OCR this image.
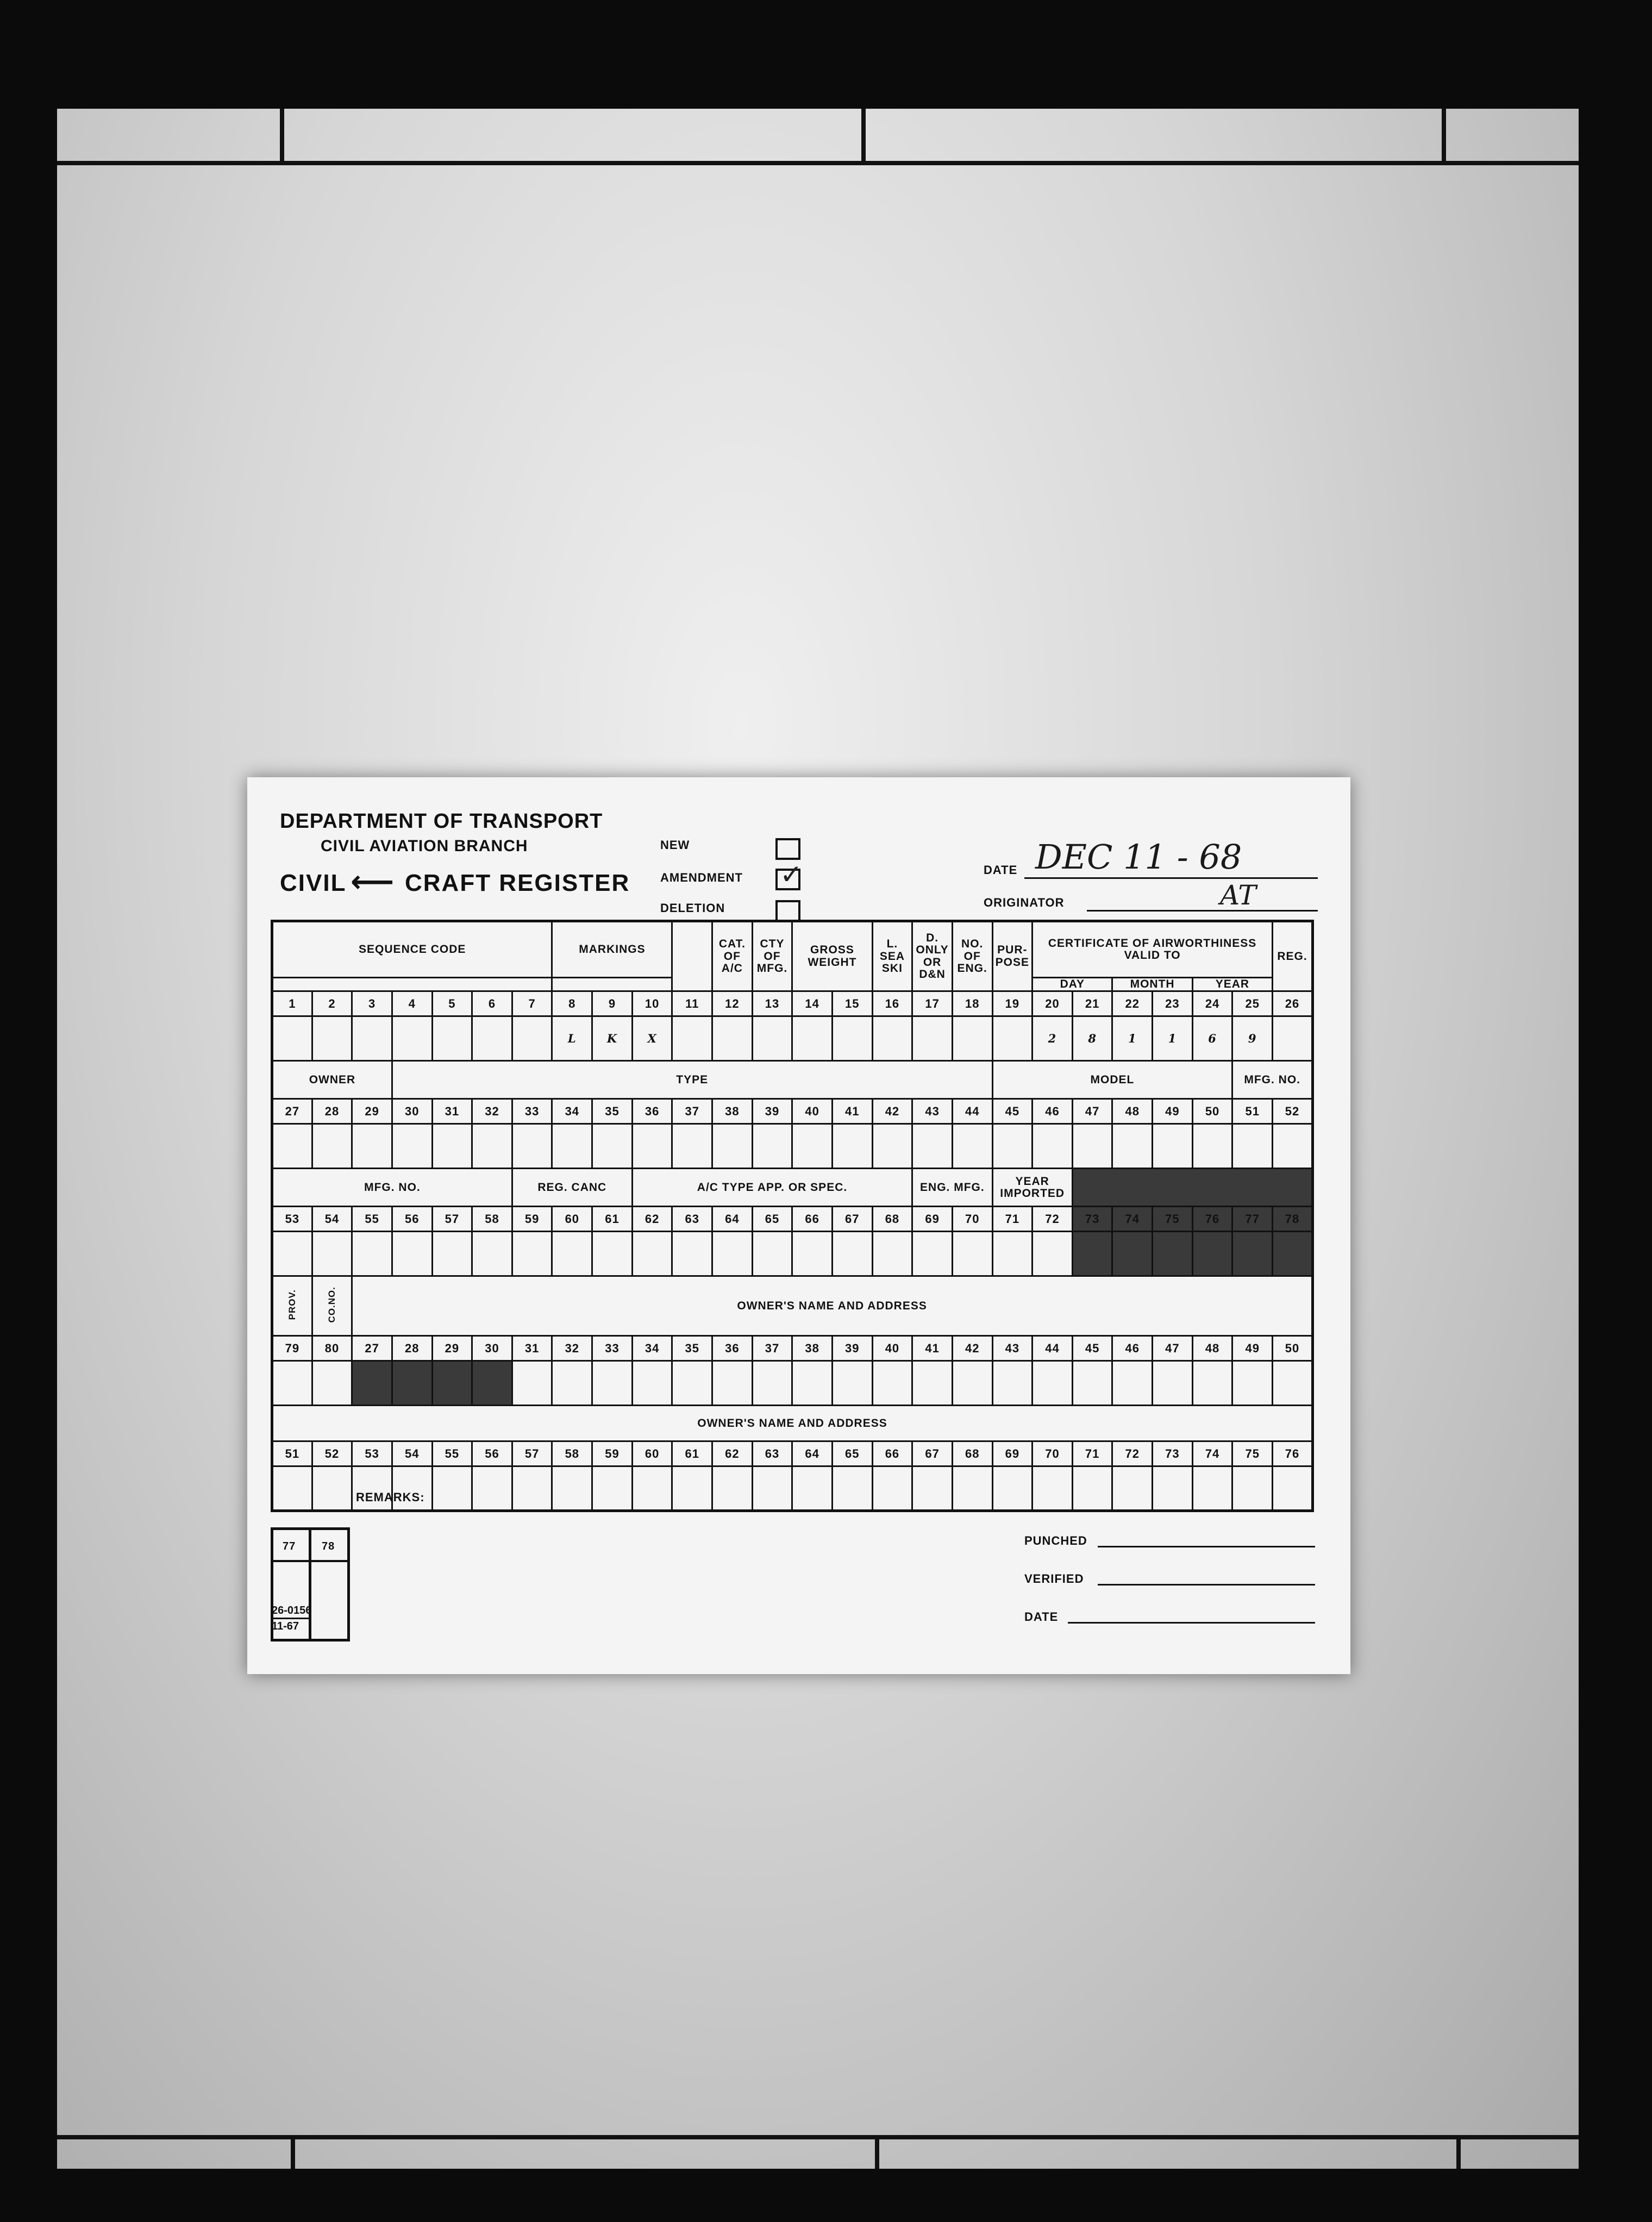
DEPARTMENT OF TRANSPORT
CIVIL AVIATION BRANCH
CIVIL ⟵ CRAFT REGISTER
NEW
AMENDMENT
✓
DELETION
DATE DEC 11 - 68
ORIGINATOR	AT
SEQUENCE CODE							MARKINGS				CAT. OF A/C	CTY OF MFG.	GROSS WEIGHT		L. SEA SKI	D. ONLY OR D&N	NO. OF ENG.	PUR- POSE	CERTIFICATE OF AIRWORTHINESS VALID TO						REG.
																			DAY		MONTH		YEAR		
1	2	3	4	5	6	7	8	9	10	11	12	13	14	15	16	17	18	19	20	21	22	23	24	25	26
							L	K	X										2	8	1	1	6	9	
OWNER			TYPE															MODEL						MFG. NO.	
27	28	29	30	31	32	33	34	35	36	37	38	39	40	41	42	43	44	45	46	47	48	49	50	51	52

MFG. NO.						REG. CANC			A/C TYPE APP. OR SPEC.							ENG. MFG.		YEAR IMPORTED							
53	54	55	56	57	58	59	60	61	62	63	64	65	66	67	68	69	70	71	72	73	74	75	76	77	78

PROV.	CO.NO.	OWNER'S NAME AND ADDRESS																							
79	80	27	28	29	30	31	32	33	34	35	36	37	38	39	40	41	42	43	44	45	46	47	48	49	50

OWNER'S NAME AND ADDRESS																									
51	52	53	54	55	56	57	58	59	60	61	62	63	64	65	66	67	68	69	70	71	72	73	74	75	76

77 78
REMARKS:
PUNCHED
VERIFIED
DATE
26-0156
11-67
